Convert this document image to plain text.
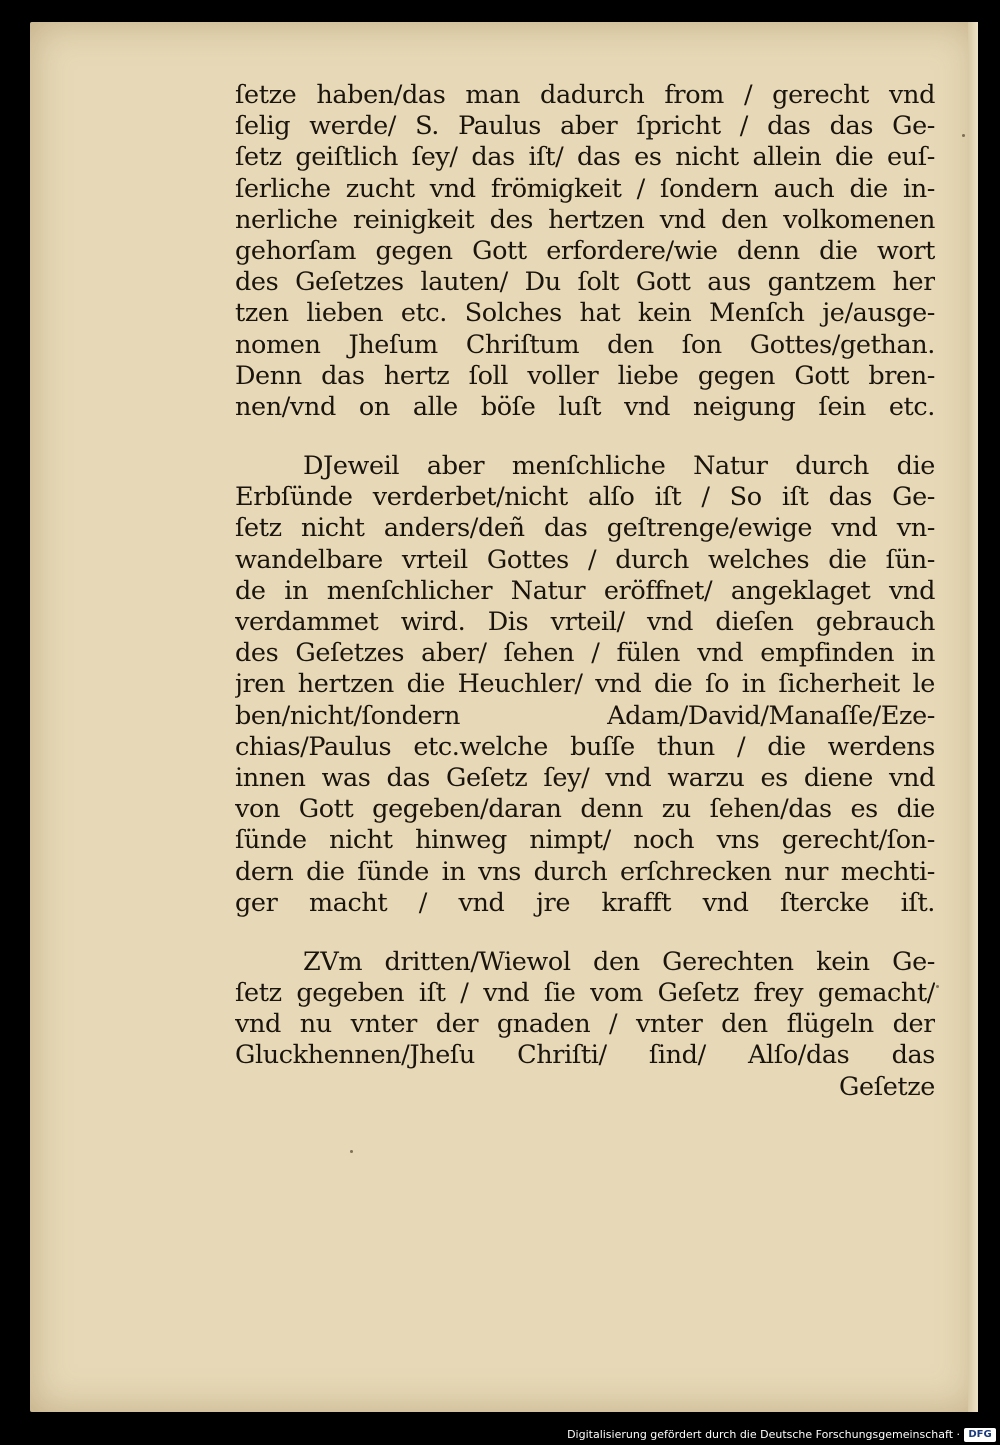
ſetze haben/das man dadurch from / gerecht vnd
ſelig werde/ S. Paulus aber ſpricht / das das Ge‑
ſetz geiſtlich ſey/ das iſt/ das es nicht allein die euſ‑
ſerliche zucht vnd frömigkeit / ſondern auch die in‑
nerliche reinigkeit des hertzen vnd den volkomenen
gehorſam gegen Gott erfordere/wie denn die wort
des Geſetzes lauten/ Du ſolt Gott aus gantzem her
tzen lieben etc. Solches hat kein Menſch je/ausge‑
nomen Jheſum Chriſtum den ſon Gottes/gethan.
Denn das hertz ſoll voller liebe gegen Gott bren‑
nen/vnd on alle böſe luſt vnd neigung ſein etc.
DJeweil aber menſchliche Natur durch die
Erbſünde verderbet/nicht alſo iſt / So iſt das Ge‑
ſetz nicht anders/deñ das geſtrenge/ewige vnd vn‑
wandelbare vrteil Gottes / durch welches die ſün‑
de in menſchlicher Natur eröffnet/ angeklaget vnd
verdammet wird. Dis vrteil/ vnd dieſen gebrauch
des Geſetzes aber/ ſehen / fülen vnd empfinden in
jren hertzen die Heuchler/ vnd die ſo in ſicherheit le
ben/nicht/ſondern Adam/David/Manaſſe/Eze‑
chias/Paulus etc.welche buſſe thun / die werdens
innen was das Geſetz ſey/ vnd warzu es diene vnd
von Gott gegeben/daran denn zu ſehen/das es die
ſünde nicht hinweg nimpt/ noch vns gerecht/ſon‑
dern die ſünde in vns durch erſchrecken nur mechti‑
ger macht / vnd jre krafft vnd ſtercke iſt.
ZVm dritten/Wiewol den Gerechten kein Ge‑
ſetz gegeben iſt / vnd ſie vom Geſetz frey gemacht/
vnd nu vnter der gnaden / vnter den flügeln der
Gluckhennen/Jheſu Chriſti/ ſind/ Alſo/das das
Geſetze
Digitalisierung gefördert durch die Deutsche Forschungsgemeinschaft · DFG
